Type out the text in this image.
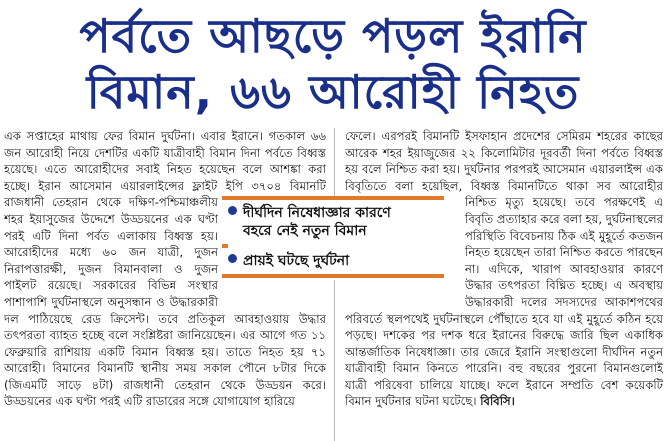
পর্বতে আছড়ে পড়ল ইরানি
বিমান, ৬৬ আরোহী নিহত

এক সপ্তাহের মাথায় ফের বিমান দুর্ঘটনা। এবার ইরানে। গতকাল ৬৬ জন আরোহী নিয়ে দেশটির একটি যাত্রীবাহী বিমান দিনা পর্বতে বিধ্বস্ত হয়েছে। এতে আরোহীদের সবাই নিহত হয়েছেন বলে আশঙ্কা করা হচ্ছে। ইরান আসেমান এয়ারলাইন্সের ফ্লাইট ইপি ৩৭০৪ বিমানটি রাজধানী তেহরান থেকে দক্ষিণ-পশ্চিমাঞ্চলীয় শহর ইয়াসুজের উদ্দেশে উড্ডয়নের এক ঘণ্টা পরই এটি দিনা পর্বত এলাকায় বিধ্বস্ত হয়। আরোহীদের মধ্যে ৬০ জন যাত্রী, দুজন নিরাপত্তারক্ষী, দুজন বিমানবালা ও দুজন পাইলট রয়েছে। সরকারের বিভিন্ন সংস্থার পাশাপাশি দুর্ঘটনাস্থলে অনুসন্ধান ও উদ্ধারকারী দল পাঠিয়েছে রেড ক্রিসেন্ট। তবে প্রতিকূল আবহাওয়ায় উদ্ধার তৎপরতা ব্যাহত হচ্ছে বলে সংশ্লিষ্টরা জানিয়েছেন। এর আগে গত ১১ ফেব্রুয়ারি রাশিয়ায় একটি বিমান বিধ্বস্ত হয়। তাতে নিহত হয় ৭১ আরোহী। বিমানের বিমানটি স্থানীয় সময় সকাল পৌনে ৮টার দিকে (জিএমটি সাড়ে ৪টা) রাজধানী তেহরান থেকে উড্ডয়ন করে। উড্ডয়নের এক ঘণ্টা পরই এটি রাডারের সঙ্গে যোগাযোগ হারিয়ে

ফেলে। এরপরই বিমানটি ইসফাহান প্রদেশের সেমিরম শহরের কাছের আরেক শহর ইয়াজুজের ২২ কিলোমিটার দূরবর্তী দিনা পর্বতে বিধ্বস্ত হয় বলে নিশ্চিত করা হয়। দুর্ঘটনার পরপরই আসেমান এয়ারলাইন্স এক বিবৃতিতে বলা হয়েছিল, বিধ্বস্ত বিমানটিতে থাকা সব আরোহীর নিশ্চিত মৃত্যু হয়েছে। তবে পরক্ষণেই এ বিবৃতি প্রত্যাহার করে বলা হয়, দুর্ঘটনাস্থলের পরিস্থিতি বিবেচনায় ঠিক এই মুহূর্তে কতজন নিহত হয়েছেন তারা নিশ্চিত করতে পারছেন না। এদিকে, খারাপ আবহাওয়ার কারণে উদ্ধার তৎপরতা বিঘ্নিত হচ্ছে। এ অবস্থায় উদ্ধারকারী দলের সদস্যদের আকাশপথের পরিবর্তে স্থলপথেই দুর্ঘটনাস্থলে পৌঁছাতে হবে যা এই মুহূর্তে কঠিন হয়ে পড়ছে। দশকের পর দশক ধরে ইরানের বিরুদ্ধে জারি ছিল একাধিক আন্তর্জাতিক নিষেধাজ্ঞা। তার জেরে ইরানি সংস্থাগুলো দীর্ঘদিন নতুন যাত্রীবাহী বিমান কিনতে পারেনি। বহু বছরের পুরনো বিমানগুলোই যাত্রী পরিষেবা চালিয়ে যাচ্ছে। ফলে ইরানে সম্প্রতি বেশ কয়েকটি বিমান দুর্ঘটনার ঘটনা ঘটেছে। বিবিসি।

দীর্ঘদিন নিষেধাজ্ঞার কারণে
বহরে নেই নতুন বিমান
প্রায়ই ঘটছে দুর্ঘটনা
